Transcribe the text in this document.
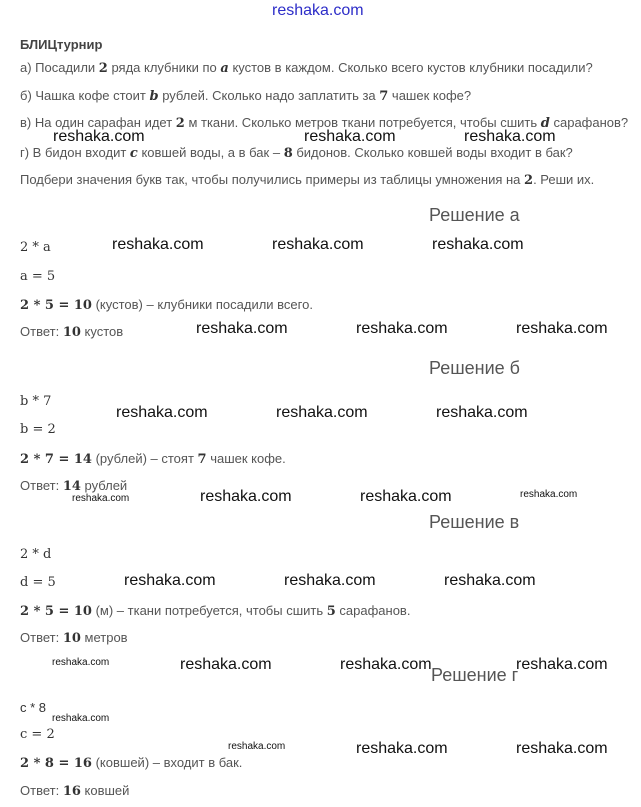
reshaka.com
БЛИЦтурнир
а) Посадили 2 ряда клубники по a кустов в каждом. Сколько всего кустов клубники посадили?
б) Чашка кофе стоит b рублей. Сколько надо заплатить за 7 чашек кофе?
в) На один сарафан идет 2 м ткани. Сколько метров ткани потребуется, чтобы сшить d сарафанов?
г) В бидон входит c ковшей воды, а в бак – 8 бидонов. Сколько ковшей воды входит в бак?
Подбери значения букв так, чтобы получились примеры из таблицы умножения на 2. Реши их.
Решение а
2 * a
a = 5
2 * 5 = 10 (кустов) – клубники посадили всего.
Ответ: 10 кустов
Решение б
b * 7
b = 2
2 * 7 = 14 (рублей) – стоят 7 чашек кофе.
Ответ: 14 рублей
Решение в
2 * d
d = 5
2 * 5 = 10 (м) – ткани потребуется, чтобы сшить 5 сарафанов.
Ответ: 10 метров
Решение г
c * 8
c = 2
2 * 8 = 16 (ковшей) – входит в бак.
Ответ: 16 ковшей
reshaka.com	reshaka.com	reshaka.com
reshaka.com	reshaka.com	reshaka.com
reshaka.com	reshaka.com	reshaka.com
reshaka.com	reshaka.com	reshaka.com
reshaka.com	reshaka.com	reshaka.com	reshaka.com
reshaka.com	reshaka.com	reshaka.com
reshaka.com	reshaka.com	reshaka.com	reshaka.com
reshaka.com
reshaka.com	reshaka.com	reshaka.com
